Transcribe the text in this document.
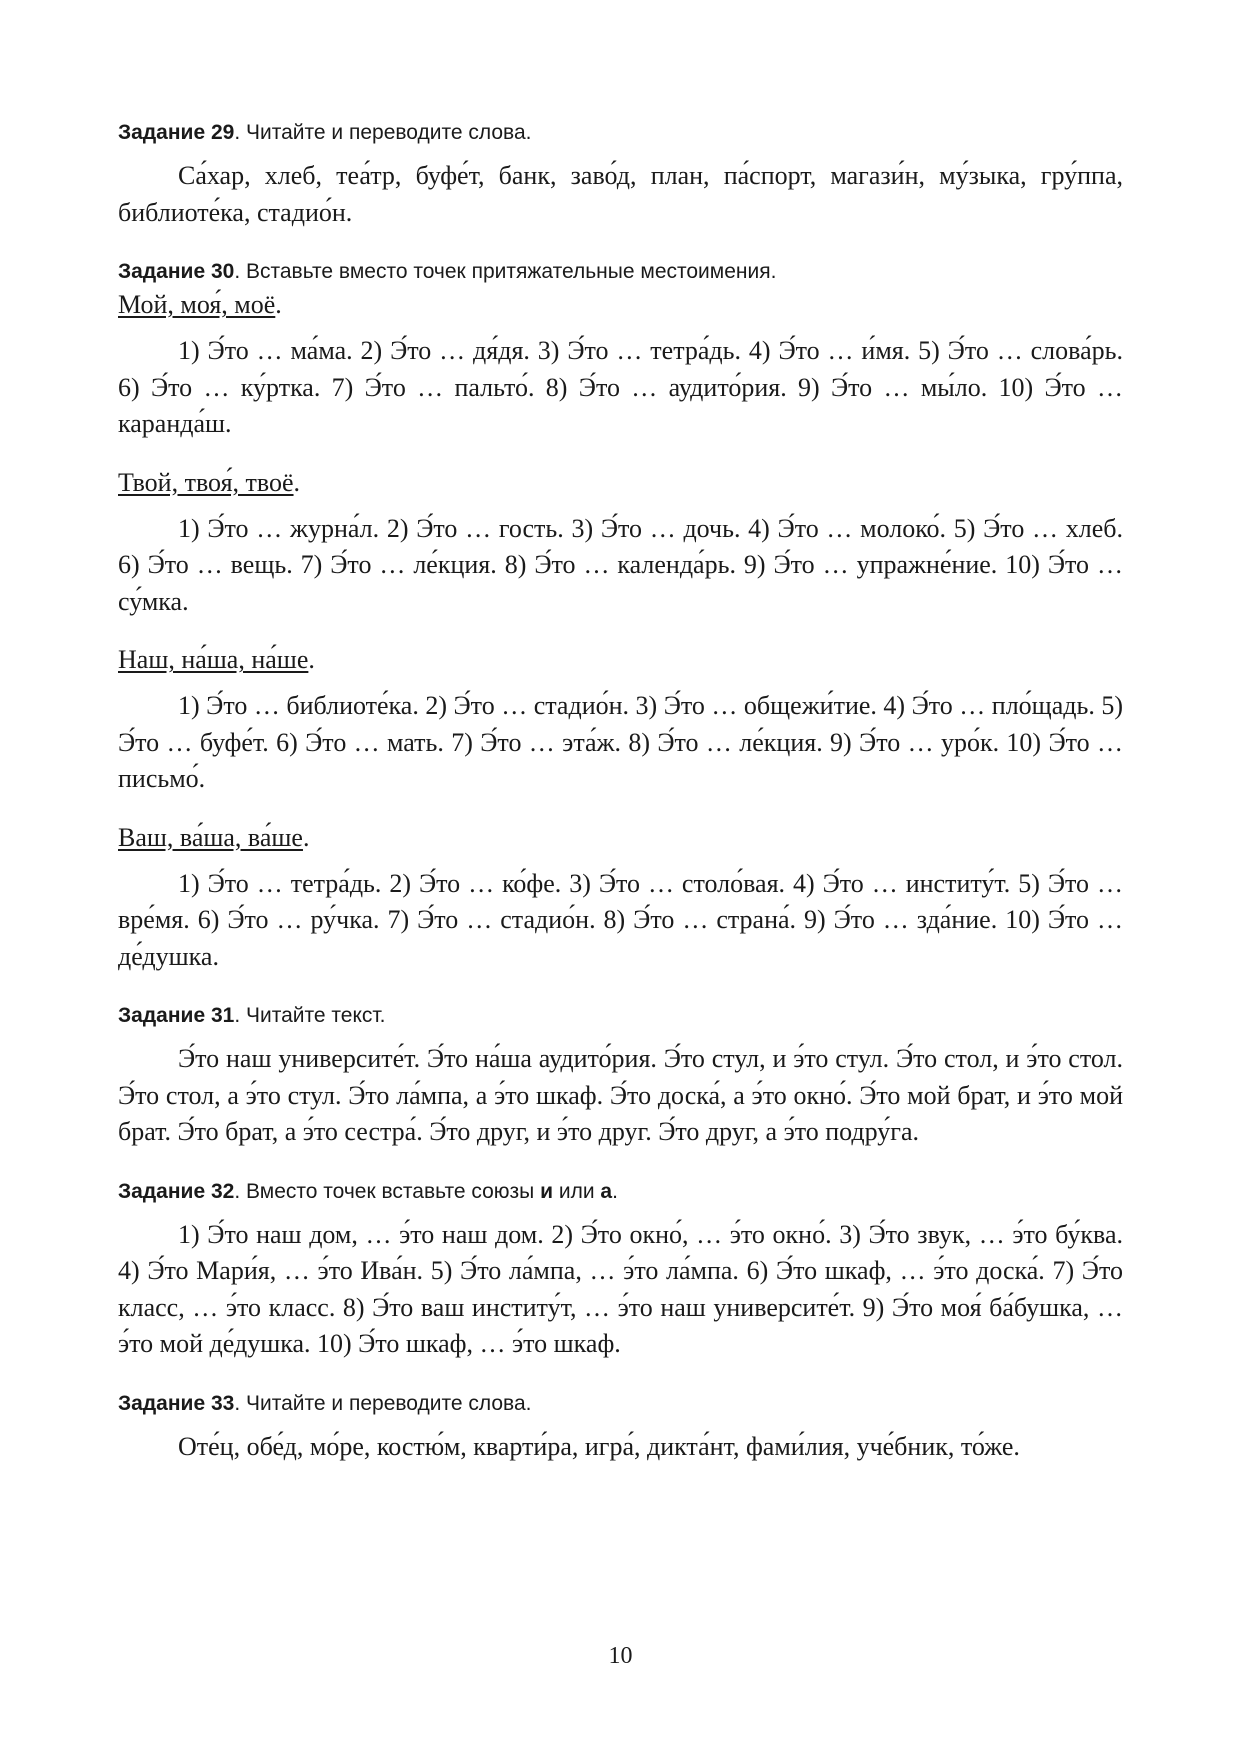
Задание 29. Читайте и переводите слова.

Са́хар, хлеб, теа́тр, буфе́т, банк, заво́д, план, па́спорт, магази́н, му́зыка, гру́ппа, библиоте́ка, стадио́н.

Задание 30. Вставьте вместо точек притяжательные местоимения.

Мой, моя́, моё.

1) Э́то … ма́ма. 2) Э́то … дя́дя. 3) Э́то … тетра́дь. 4) Э́то … и́мя. 5) Э́то … слова́рь. 6) Э́то … ку́ртка. 7) Э́то … пальто́. 8) Э́то … аудито́рия. 9) Э́то … мы́ло. 10) Э́то … каранда́ш.

Твой, твоя́, твоё.

1) Э́то … журна́л. 2) Э́то … гость. 3) Э́то … дочь. 4) Э́то … молоко́. 5) Э́то … хлеб. 6) Э́то … вещь. 7) Э́то … ле́кция. 8) Э́то … календа́рь. 9) Э́то … упражне́ние. 10) Э́то … су́мка.

Наш, на́ша, на́ше.

1) Э́то … библиоте́ка. 2) Э́то … стадио́н. 3) Э́то … общежи́тие. 4) Э́то … пло́щадь. 5) Э́то … буфе́т. 6) Э́то … мать. 7) Э́то … эта́ж. 8) Э́то … ле́кция. 9) Э́то … уро́к. 10) Э́то … письмо́.

Ваш, ва́ша, ва́ше.

1) Э́то … тетра́дь. 2) Э́то … ко́фе. 3) Э́то … столо́вая. 4) Э́то … институ́т. 5) Э́то … вре́мя. 6) Э́то … ру́чка. 7) Э́то … стадио́н. 8) Э́то … страна́. 9) Э́то … зда́ние. 10) Э́то … де́душка.

Задание 31. Читайте текст.

Э́то наш университе́т. Э́то на́ша аудито́рия. Э́то стул, и э́то стул. Э́то стол, и э́то стол. Э́то стол, а э́то стул. Э́то ла́мпа, а э́то шкаф. Э́то доска́, а э́то окно́. Э́то мой брат, и э́то мой брат. Э́то брат, а э́то сестра́. Э́то друг, и э́то друг. Э́то друг, а э́то подру́га.

Задание 32. Вместо точек вставьте союзы и или а.

1) Э́то наш дом, … э́то наш дом. 2) Э́то окно́, … э́то окно́. 3) Э́то звук, … э́то бу́ква. 4) Э́то Мари́я, … э́то Ива́н. 5) Э́то ла́мпа, … э́то ла́мпа. 6) Э́то шкаф, … э́то доска́. 7) Э́то класс, … э́то класс. 8) Э́то ваш институ́т, … э́то наш университе́т. 9) Э́то моя́ ба́бушка, … э́то мой де́душка. 10) Э́то шкаф, … э́то шкаф.

Задание 33. Читайте и переводите слова.

Оте́ц, обе́д, мо́ре, костю́м, кварти́ра, игра́, дикта́нт, фами́лия, уче́бник, то́же.

10
